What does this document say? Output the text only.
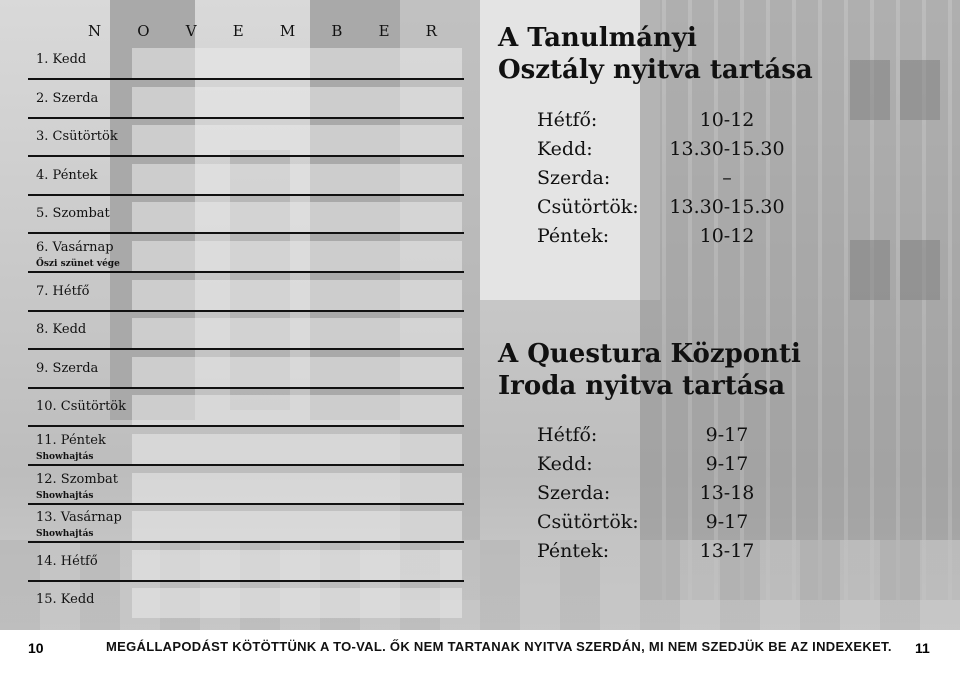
N O V E M B E R
1. Kedd
2. Szerda
3. Csütörtök
4. Péntek
5. Szombat
6. Vasárnap
Őszi szünet vége
7. Hétfő
8. Kedd
9. Szerda
10. Csütörtök
11. Péntek
Showhajtás
12. Szombat
Showhajtás
13. Vasárnap
Showhajtás
14. Hétfő
15. Kedd
A Tanulmányi
Osztály nyitva tartása
Hétfő:	10-12
Kedd:	13.30-15.30
Szerda:	–
Csütörtök:	13.30-15.30
Péntek:	10-12
A Questura Központi
Iroda nyitva tartása
Hétfő:	9-17
Kedd:	9-17
Szerda:	13-18
Csütörtök:	9-17
Péntek:	13-17
10	MEGÁLLAPODÁST KÖTÖTTÜNK A TO-VAL. ŐK NEM TARTANAK NYITVA SZERDÁN, MI NEM SZEDJÜK BE AZ INDEXEKET. 11
